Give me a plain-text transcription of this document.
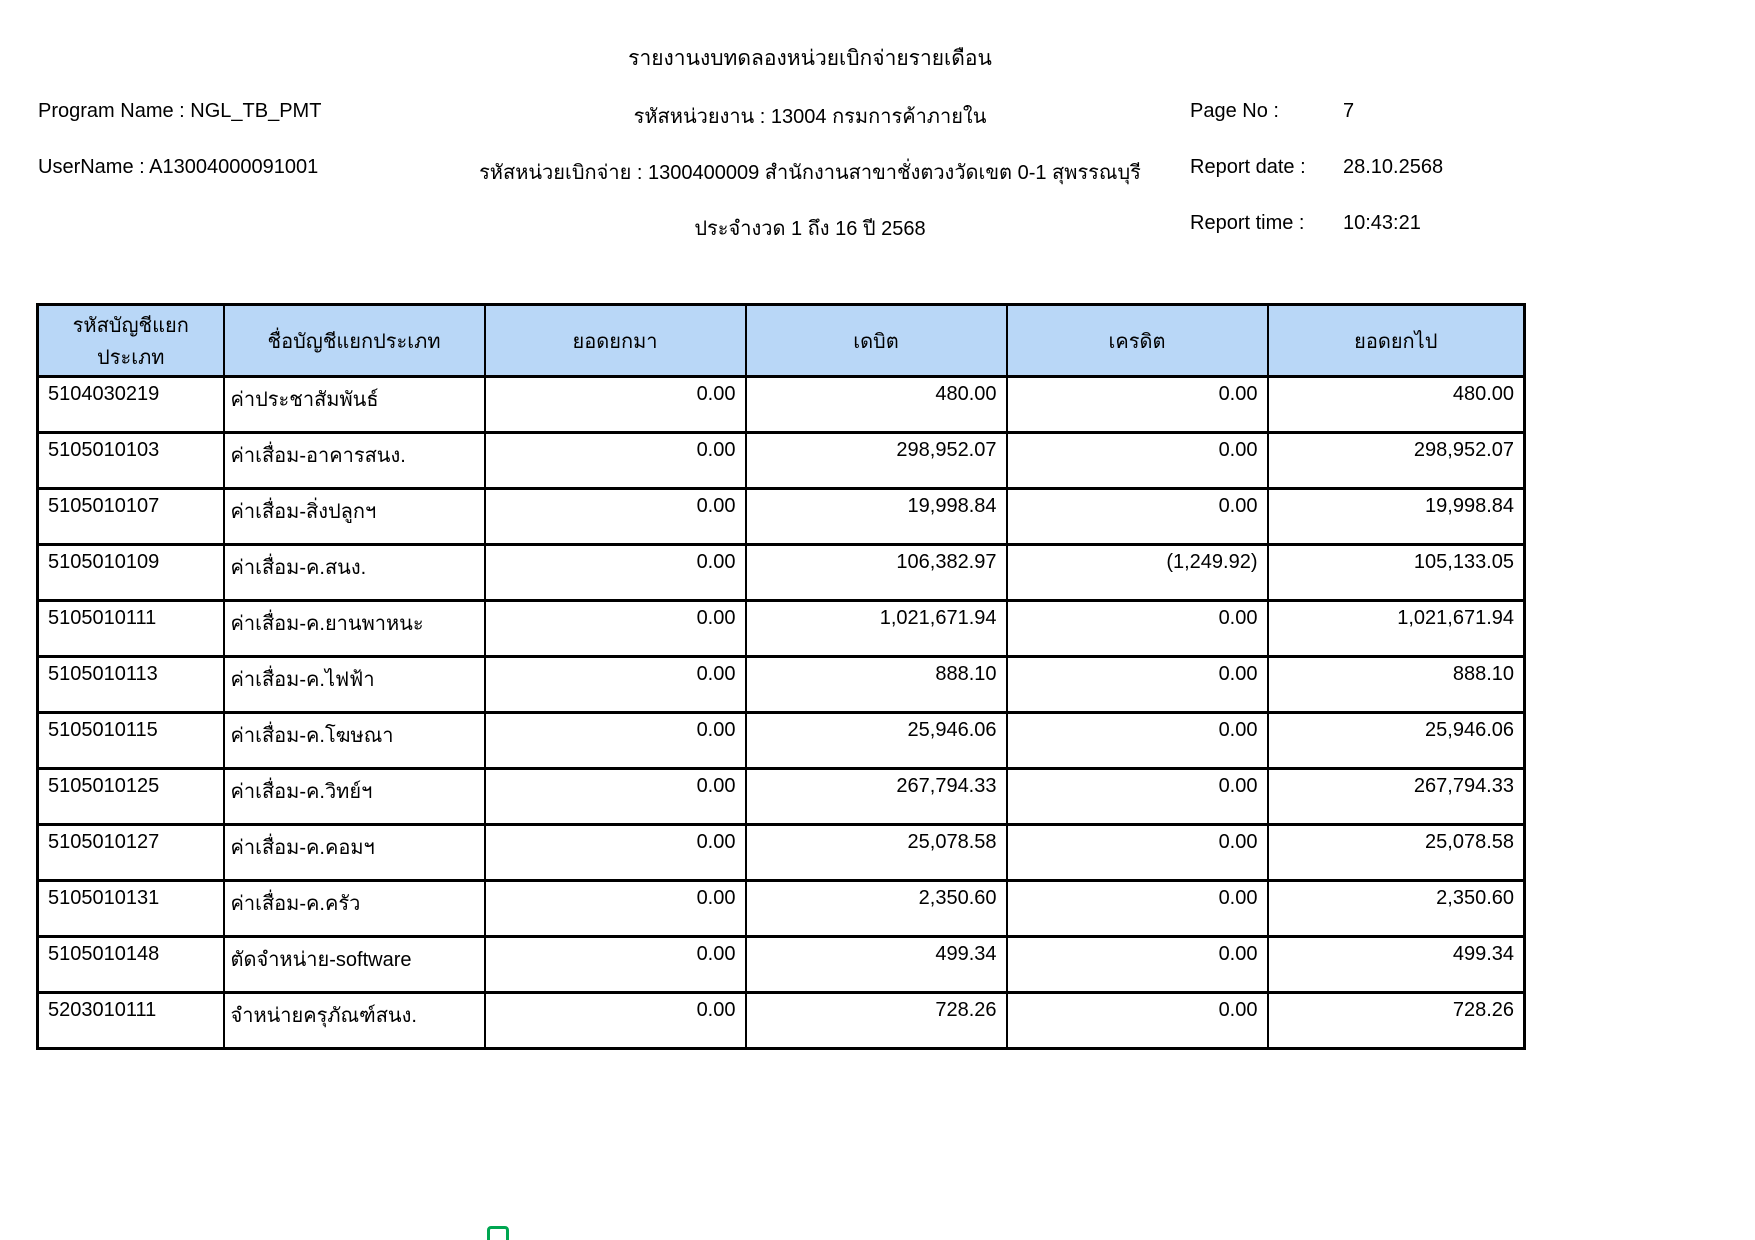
รายงานงบทดลองหน่วยเบิกจ่ายรายเดือน
Program Name : NGL_TB_PMT
UserName : A13004000091001
รหัสหน่วยงาน : 13004 กรมการค้าภายใน
รหัสหน่วยเบิกจ่าย : 1300400009 สำนักงานสาขาชั่งตวงวัดเขต 0-1 สุพรรณบุรี
ประจำงวด 1 ถึง 16 ปี 2568
Page No :	7
Report date : 28.10.2568
Report time : 10:43:21
รหัสบัญชีแยกประเภท	ชื่อบัญชีแยกประเภท	ยอดยกมา	เดบิต	เครดิต	ยอดยกไป
5104030219	ค่าประชาสัมพันธ์	0.00	480.00	0.00	480.00
5105010103	ค่าเสื่อม-อาคารสนง.	0.00	298,952.07	0.00	298,952.07
5105010107	ค่าเสื่อม-สิ่งปลูกฯ	0.00	19,998.84	0.00	19,998.84
5105010109	ค่าเสื่อม-ค.สนง.	0.00	106,382.97	(1,249.92)	105,133.05
5105010111	ค่าเสื่อม-ค.ยานพาหนะ	0.00	1,021,671.94	0.00	1,021,671.94
5105010113	ค่าเสื่อม-ค.ไฟฟ้า	0.00	888.10	0.00	888.10
5105010115	ค่าเสื่อม-ค.โฆษณา	0.00	25,946.06	0.00	25,946.06
5105010125	ค่าเสื่อม-ค.วิทย์ฯ	0.00	267,794.33	0.00	267,794.33
5105010127	ค่าเสื่อม-ค.คอมฯ	0.00	25,078.58	0.00	25,078.58
5105010131	ค่าเสื่อม-ค.ครัว	0.00	2,350.60	0.00	2,350.60
5105010148	ตัดจำหน่าย-software	0.00	499.34	0.00	499.34
5203010111	จำหน่ายครุภัณฑ์สนง.	0.00	728.26	0.00	728.26
